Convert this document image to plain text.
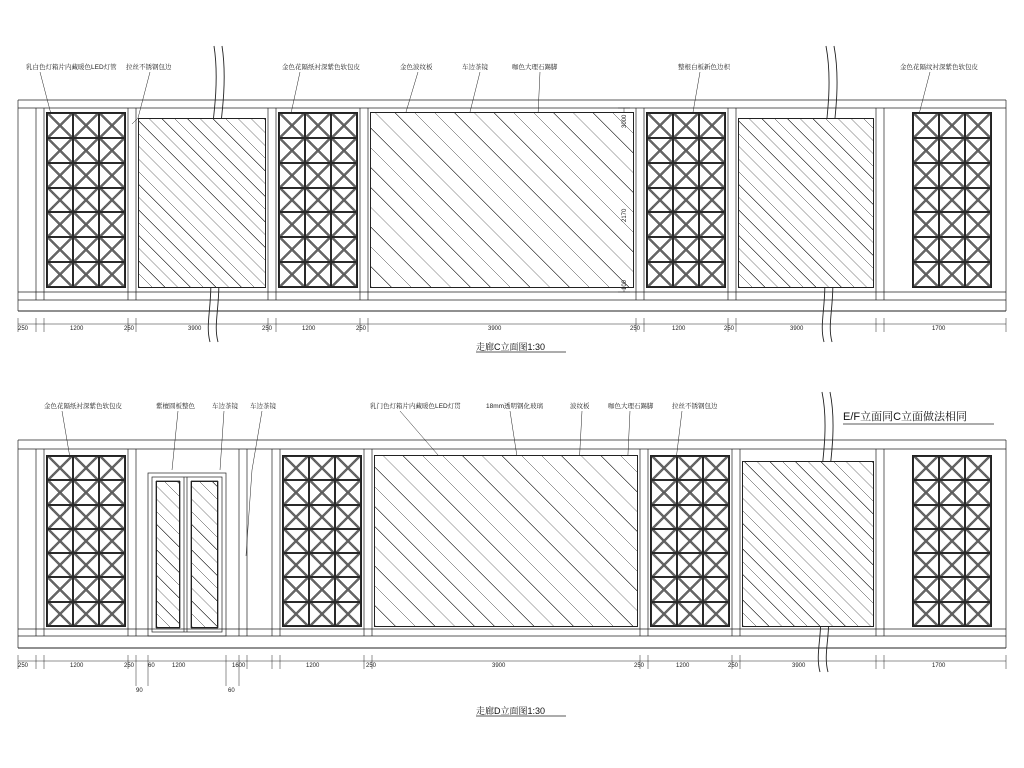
乳白色灯箱片内藏暖色LED灯管 拉丝不锈钢包边	金色花隔纸衬深紫色软包皮	金色波纹板	车边茶镜	咖色大理石踢脚	整根白板新色边枳	金色花隔纹衬深紫色软包皮
250	1200	250	3900	250	1200	250	3900	250	1200	250	3900	1700
3000
2170
100
走廊C立面图1:30
金色花隔纸衬深紫色软包皮	紫檀圆板整色	车边茶镜 车边茶镜	乳门色灯箱片内藏暖色LED灯贯	18mm透明钢化玻璃	波纹板	咖色大理石踢脚	拉丝不锈钢包边
250	1200	250 60	1200	1600	1200	250	3900	250	1200	250	3900	1700
90	60
走廊D立面图1:30
E/F立面同C立面做法相同
